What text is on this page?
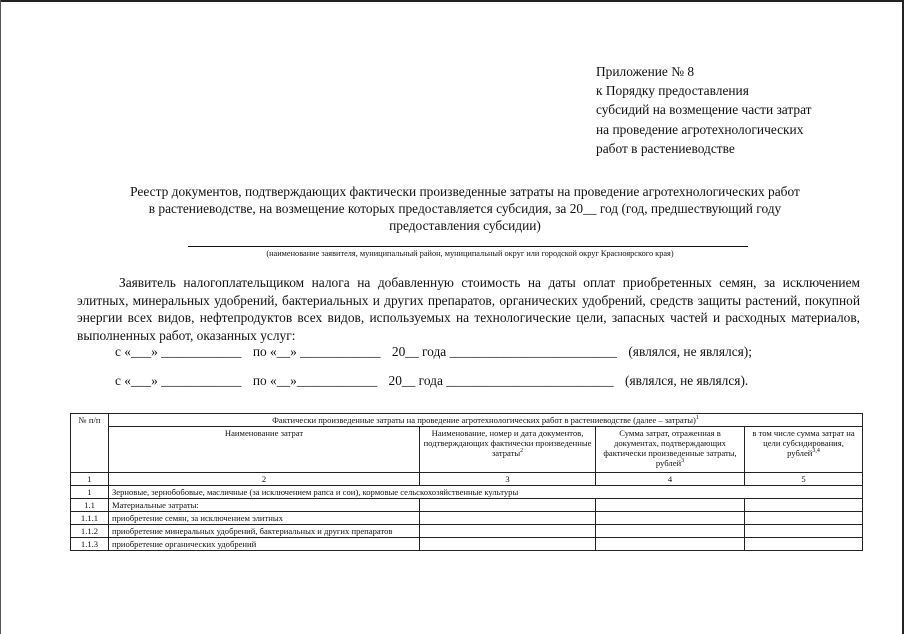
Приложение № 8
к Порядку предоставления
субсидий на возмещение части затрат
на проведение агротехнологических
работ в растениеводстве
Реестр документов, подтверждающих фактически произведенные затраты на проведение агротехнологических работ
в растениеводстве, на возмещение которых предоставляется субсидия, за 20__ год (год, предшествующий году
предоставления субсидии)
(наименование заявителя, муниципальный район, муниципальный округ или городской округ Красноярского края)
Заявитель налогоплательщиком налога на добавленную стоимость на даты оплат приобретенных семян, за исключением элитных, минеральных удобрений, бактериальных и других препаратов, органических удобрений, средств защиты растений, покупной энергии всех видов, нефтепродуктов всех видов, используемых на технологические цели, запасных частей и расходных материалов, выполненных работ, оказанных услуг:
с «___» ____________ по «__» ____________ 20__ года _________________________ (являлся, не являлся);
с «___» ____________ по «__»____________ 20__ года _________________________ (являлся, не являлся).
№ п/п	Фактически произведенные затраты на проведение агротехнологических работ в растениеводстве (далее – затраты)$^1$
	Наименование затрат	Наименование, номер и дата документов, подтверждающих фактически произведенные затраты$^2$	Сумма затрат, отраженная в документах, подтверждающих фактически произведенные затраты, рублей$^3$	в том числе сумма затрат на цели субсидирования, рублей$^{3,4}$
1	2	3	4	5
1	Зерновые, зернобобовые, масличные (за исключением рапса и сои), кормовые сельскохозяйственные культуры			
1.1	Материальные затраты:			
1.1.1	приобретение семян, за исключением элитных			
1.1.2	приобретение минеральных удобрений, бактериальных и других препаратов			
1.1.3	приобретение органических удобрений			
